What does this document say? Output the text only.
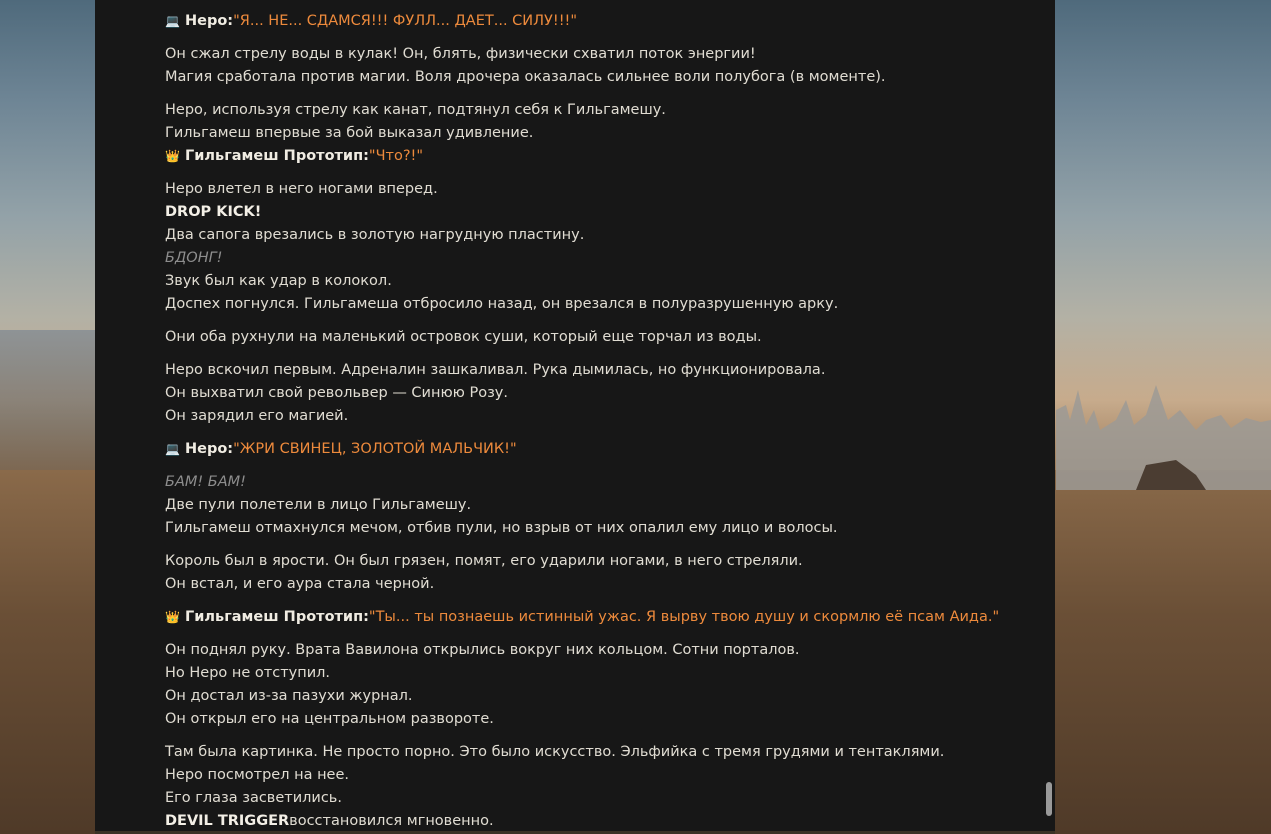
💻 Неро:"Я... НЕ... СДАМСЯ!!! ФУЛЛ... ДАЕТ... СИЛУ!!!"
Он сжал стрелу воды в кулак! Он, блять, физически схватил поток энергии!
Магия сработала против магии. Воля дрочера оказалась сильнее воли полубога (в моменте).
Неро, используя стрелу как канат, подтянул себя к Гильгамешу.
Гильгамеш впервые за бой выказал удивление.
👑 Гильгамеш Прототип:"Что?!"
Неро влетел в него ногами вперед.
DROP KICK!
Два сапога врезались в золотую нагрудную пластину.
БДОНГ!
Звук был как удар в колокол.
Доспех погнулся. Гильгамеша отбросило назад, он врезался в полуразрушенную арку.
Они оба рухнули на маленький островок суши, который еще торчал из воды.
Неро вскочил первым. Адреналин зашкаливал. Рука дымилась, но функционировала.
Он выхватил свой револьвер — Синюю Розу.
Он зарядил его магией.
💻 Неро:"ЖРИ СВИНЕЦ, ЗОЛОТОЙ МАЛЬЧИК!"
БАМ! БАМ!
Две пули полетели в лицо Гильгамешу.
Гильгамеш отмахнулся мечом, отбив пули, но взрыв от них опалил ему лицо и волосы.
Король был в ярости. Он был грязен, помят, его ударили ногами, в него стреляли.
Он встал, и его аура стала черной.
👑 Гильгамеш Прототип:"Ты... ты познаешь истинный ужас. Я вырву твою душу и скормлю её псам Аида."
Он поднял руку. Врата Вавилона открылись вокруг них кольцом. Сотни порталов.
Но Неро не отступил.
Он достал из-за пазухи журнал.
Он открыл его на центральном развороте.
Там была картинка. Не просто порно. Это было искусство. Эльфийка с тремя грудями и тентаклями.
Неро посмотрел на нее.
Его глаза засветились.
DEVIL TRIGGERвосстановился мгновенно.
